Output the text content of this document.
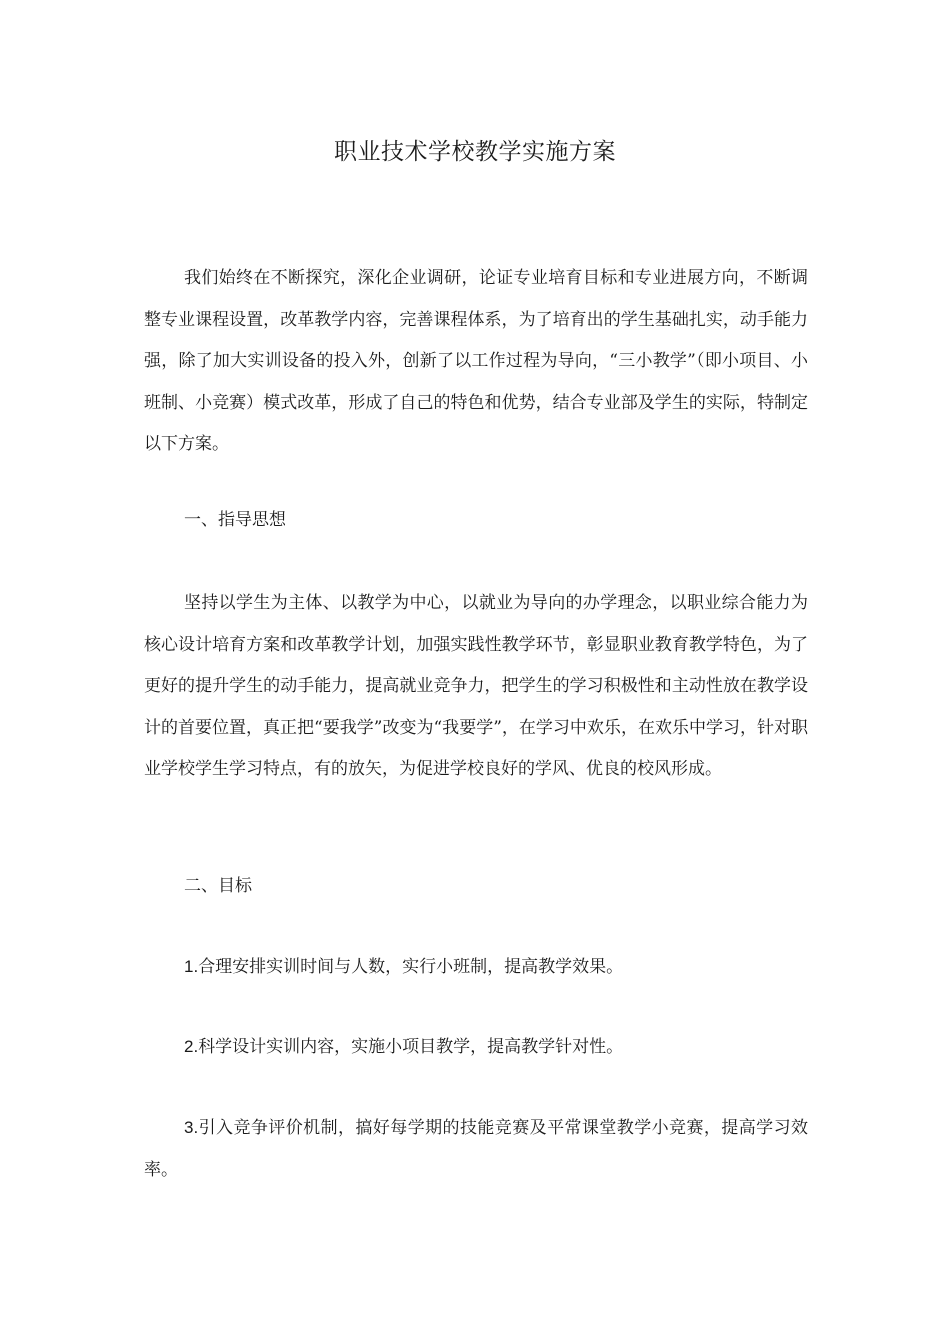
职业技术学校教学实施方案

我们始终在不断探究，深化企业调研，论证专业培育目标和专业进展方向，不断调整专业课程设置，改革教学内容，完善课程体系，为了培育出的学生基础扎实，动手能力强，除了加大实训设备的投入外，创新了以工作过程为导向，“三小教学”（即小项目、小班制、小竞赛）模式改革，形成了自己的特色和优势，结合专业部及学生的实际，特制定以下方案。

一、指导思想

坚持以学生为主体、以教学为中心，以就业为导向的办学理念，以职业综合能力为核心设计培育方案和改革教学计划，加强实践性教学环节，彰显职业教育教学特色，为了更好的提升学生的动手能力，提高就业竞争力，把学生的学习积极性和主动性放在教学设计的首要位置，真正把“要我学”改变为“我要学”，在学习中欢乐，在欢乐中学习，针对职业学校学生学习特点，有的放矢，为促进学校良好的学风、优良的校风形成。

二、目标

1.合理安排实训时间与人数，实行小班制，提高教学效果。

2.科学设计实训内容，实施小项目教学，提高教学针对性。

3.引入竞争评价机制，搞好每学期的技能竞赛及平常课堂教学小竞赛，提高学习效率。
